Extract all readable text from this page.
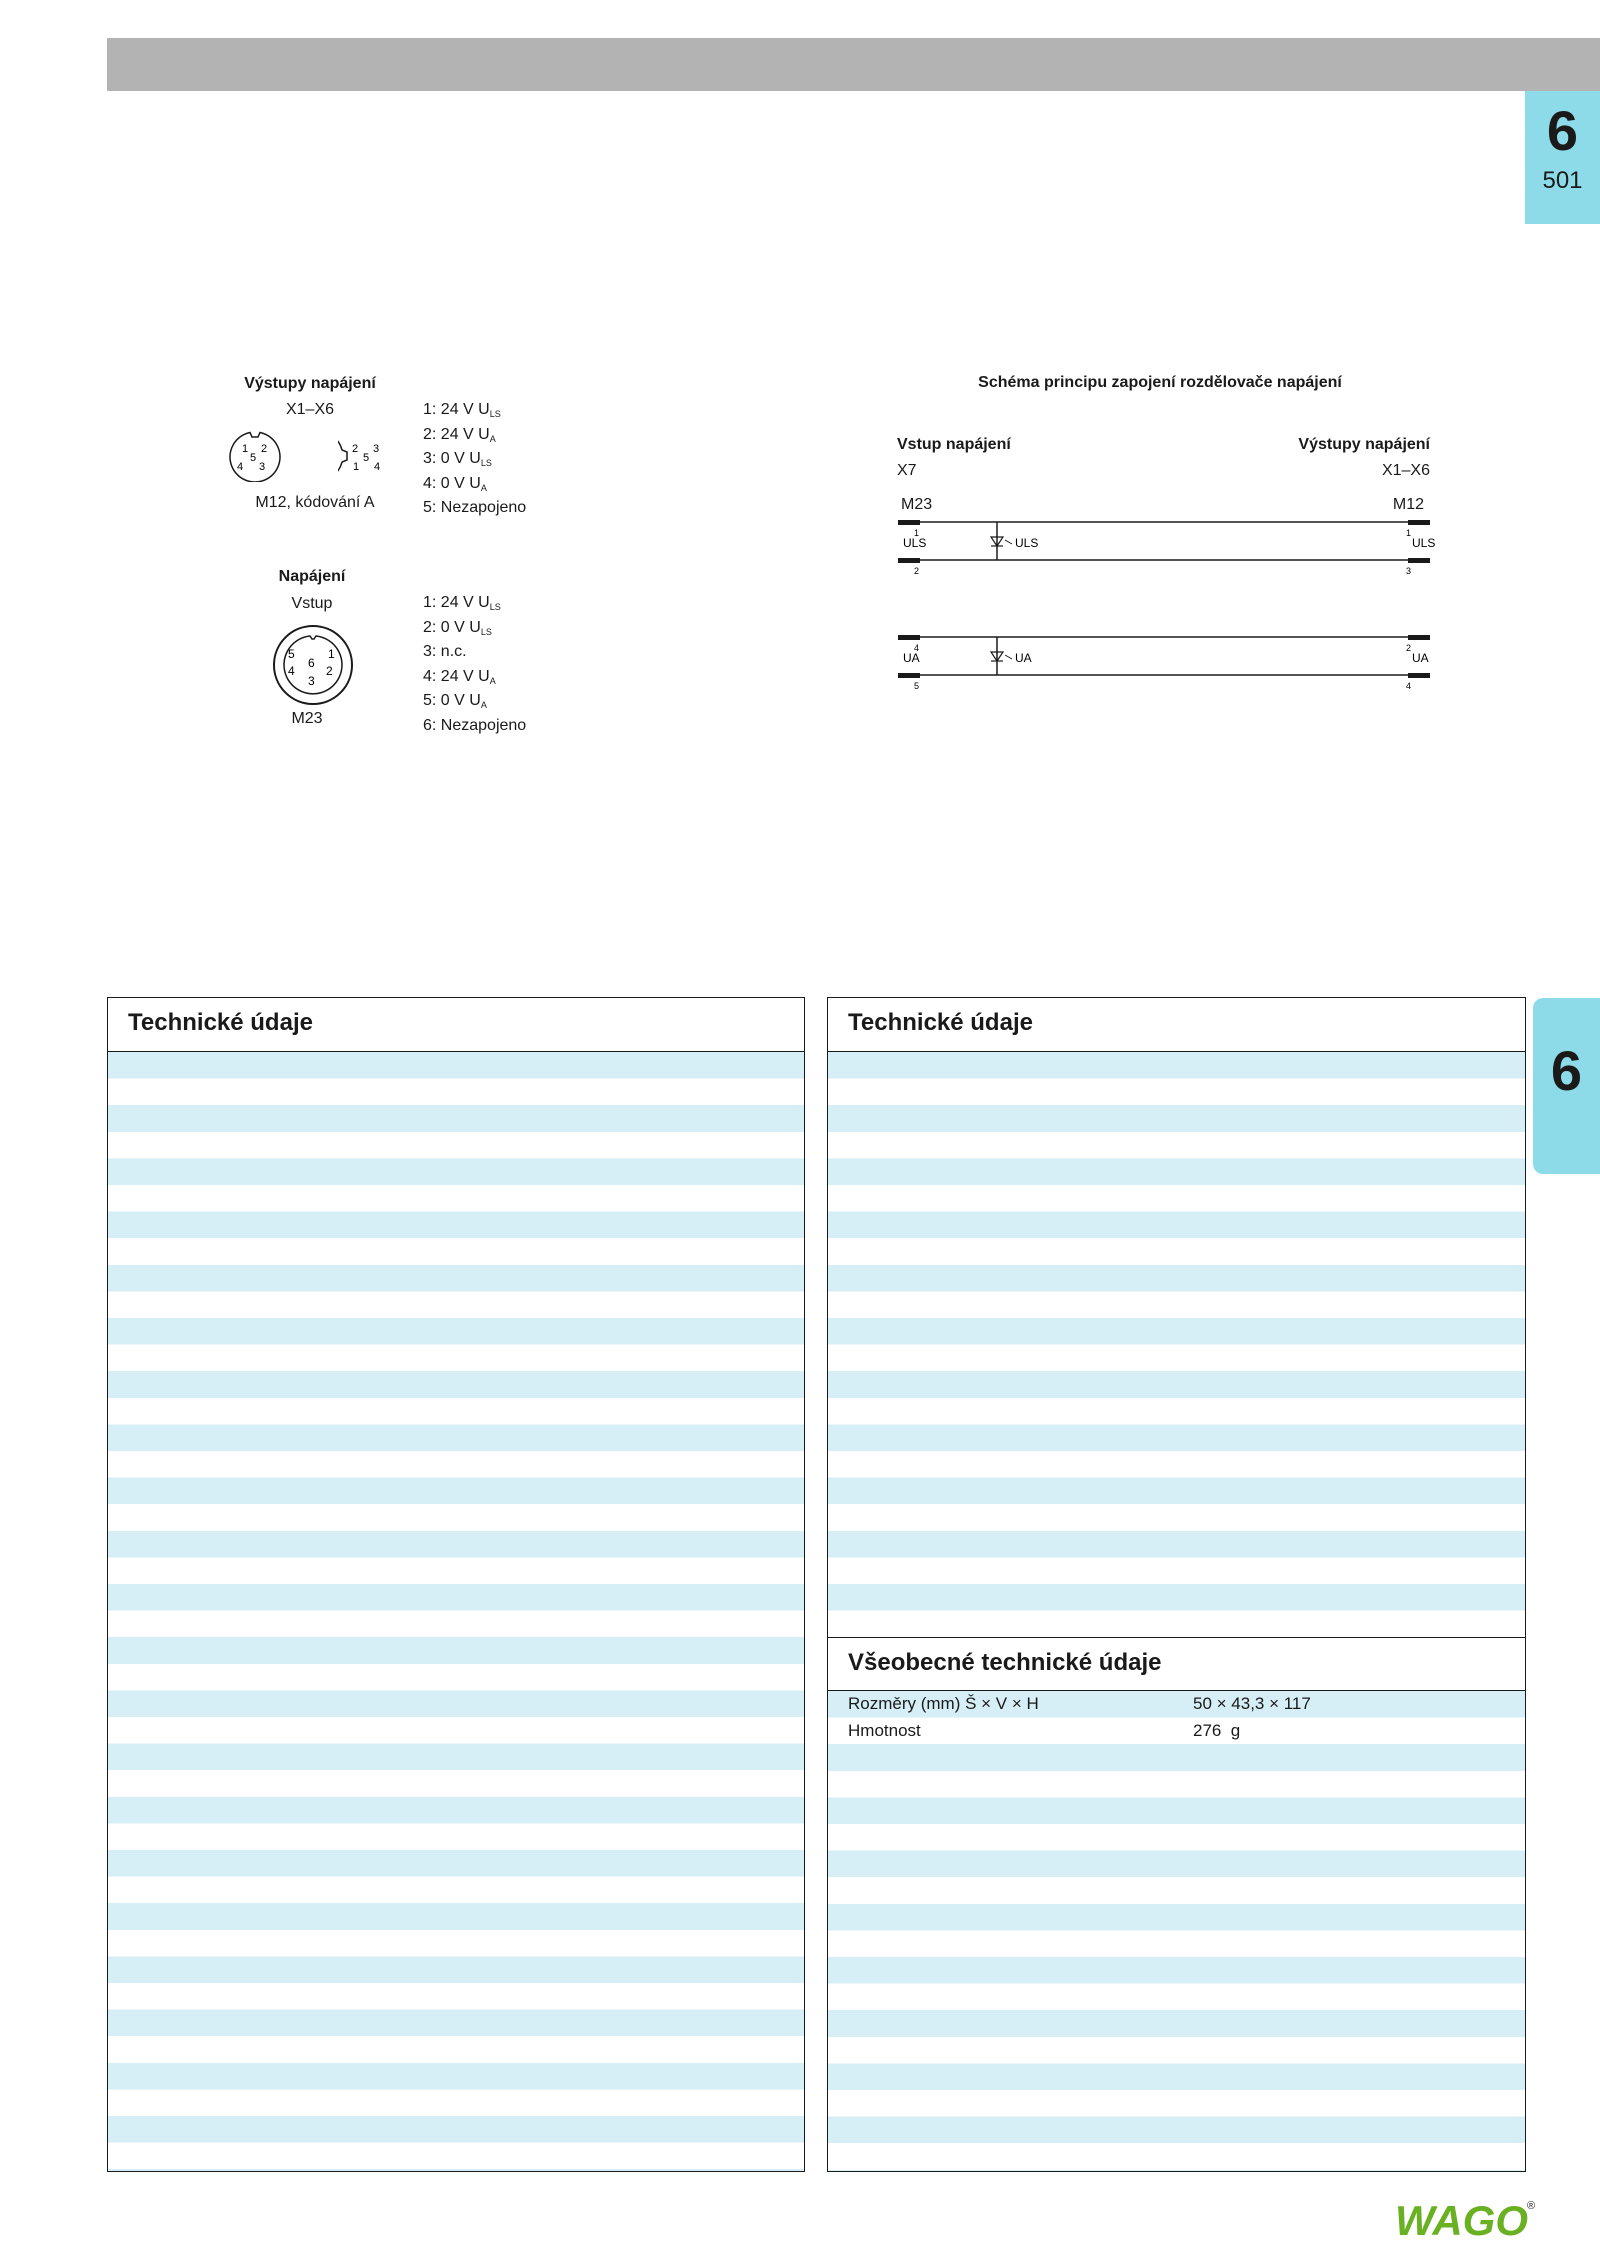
6
501
6
Výstupy napájení
X1–X6
1 2
5
4 3
2 3
5
1 4
M12, kódování A
1: 24 V $U_{LS}$
2: 24 V $U_A$
3: 0 V $U_{LS}$
4: 0 V $U_A$
5: Nezapojeno
Napájení
Vstup
5	1
6
4	2
3
M23
1: 24 V $U_{LS}$
2: 0 V $U_{LS}$
3: n.c.
4: 24 V $U_A$
5: 0 V $U_A$
6: Nezapojeno
Schéma principu zapojení rozdělovače napájení
Vstup napájení
X7
M23
Výstupy napájení
X1–X6
M12
ULS	ULS	ULS
1
2
1
3
UA	UA	UA
4
5
2
4
Technické údaje	Technické údaje
Všeobecné technické údaje
Rozměry (mm) Š × V × H	50 × 43,3 × 117
Hmotnost	276  g
WAGO ®
